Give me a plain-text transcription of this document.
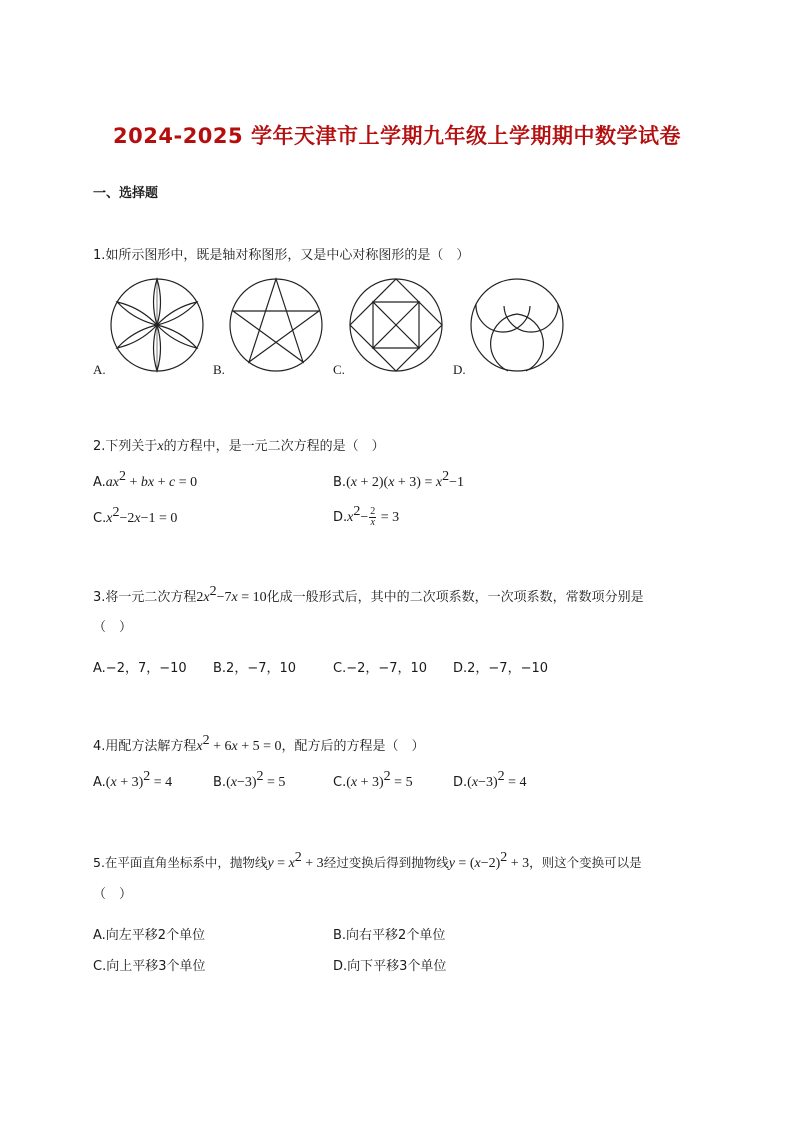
2024-2025 学年天津市上学期九年级上学期期中数学试卷
一、选择题
1.如所示图形中，既是轴对称图形，又是中心对称图形的是（　）
A.	B.	C.	D.
2.下列关于x的方程中，是一元二次方程的是（　）
$A.ax^2$ + bx + c = 0	$B.(x + 2)(x + 3) = x^2-1$
$C.x^2-2x-1 = 0$	$D.x^2- \frac{2}{x} = 3$
3.将一元二次方程$2x^2-7x = 10$化成一般形式后，其中的二次项系数，一次项系数，常数项分别是
（　）
A.−2，7，−10 B.2，−7，10	C.−2，−7，10 D.2，−7，−10
4.用配方法解方程$x^2 + 6x + 5 = 0$，配方后的方程是（　）
$A.(x + 3)^2 = 4$	$B.(x-3)^2 = 5$	$C.(x + 3)^2 = 5$	$D.(x-3)^2 = 4$
5.在平面直角坐标系中，抛物线$y = x^2 + 3$经过变换后得到抛物线$y = (x-2)^2 + 3$，则这个变换可以是
（　）
A.向左平移2个单位	B.向右平移2个单位
C.向上平移3个单位	D.向下平移3个单位
